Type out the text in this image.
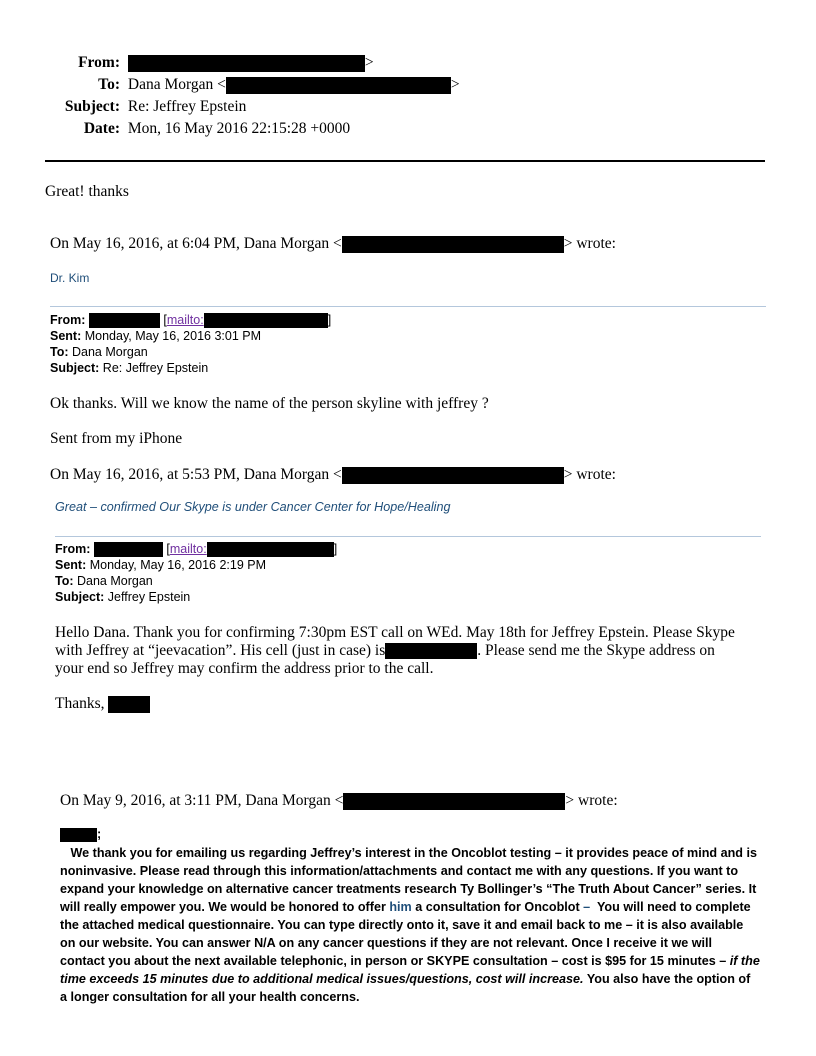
From:	>
To: Dana Morgan <	>
Subject: Re: Jeffrey Epstein
Date: Mon, 16 May 2016 22:15:28 +0000
Great! thanks
On May 16, 2016, at 6:04 PM, Dana Morgan <	> wrote:
Dr. Kim
From:	[mailto:	]
Sent: Monday, May 16, 2016 3:01 PM
To: Dana Morgan
Subject: Re: Jeffrey Epstein
Ok thanks. Will we know the name of the person skyline with jeffrey ?
Sent from my iPhone
On May 16, 2016, at 5:53 PM, Dana Morgan <	> wrote:
Great – confirmed Our Skype is under Cancer Center for Hope/Healing
From:	[mailto:	]
Sent: Monday, May 16, 2016 2:19 PM
To: Dana Morgan
Subject: Jeffrey Epstein
Hello Dana. Thank you for confirming 7:30pm EST call on WEd. May 18th for Jeffrey Epstein. Please Skype with Jeffrey at “jeevacation”. His cell (just in case) is	. Please send me the Skype address on your end so Jeffrey may confirm the address prior to the call.
Thanks,
On May 9, 2016, at 3:11 PM, Dana Morgan <	> wrote:
;
We thank you for emailing us regarding Jeffrey’s interest in the Oncoblot testing – it provides peace of mind and is noninvasive. Please read through this information/attachments and contact me with any questions. If you want to expand your knowledge on alternative cancer treatments research Ty Bollinger’s “The Truth About Cancer” series. It will really empower you. We would be honored to offer him a consultation for Oncoblot – You will need to complete the attached medical questionnaire. You can type directly onto it, save it and email back to me – it is also available on our website. You can answer N/A on any cancer questions if they are not relevant. Once I receive it we will contact you about the next available telephonic, in person or SKYPE consultation – cost is $95 for 15 minutes – if the time exceeds 15 minutes due to additional medical issues/questions, cost will increase. You also have the option of a longer consultation for all your health concerns.
